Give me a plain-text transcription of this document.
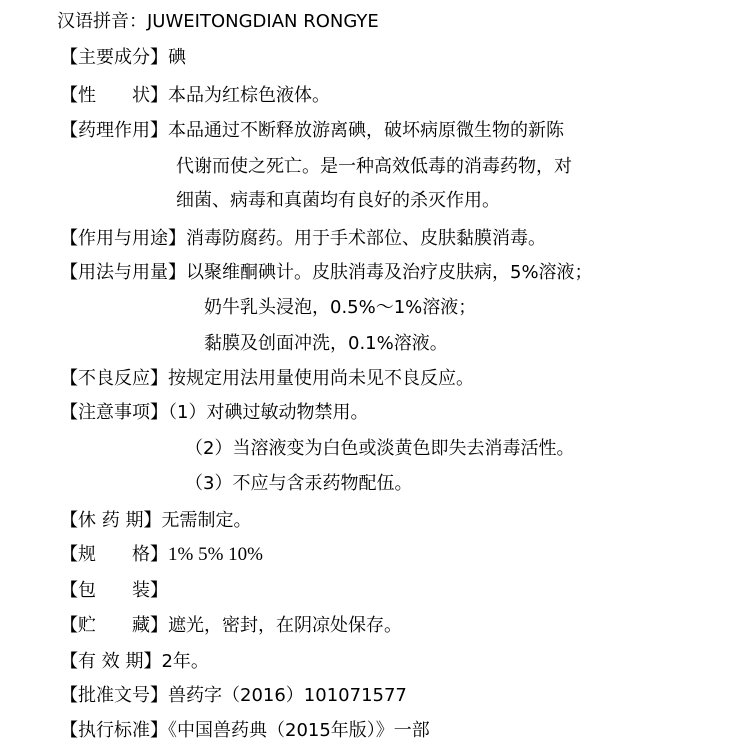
汉语拼音：JUWEITONGDIAN RONGYE
【主要成分】碘
【性　　状】本品为红棕色液体。
【药理作用】本品通过不断释放游离碘，破坏病原微生物的新陈
代谢而使之死亡。是一种高效低毒的消毒药物，对
细菌、病毒和真菌均有良好的杀灭作用。
【作用与用途】消毒防腐药。用于手术部位、皮肤黏膜消毒。
【用法与用量】以聚维酮碘计。皮肤消毒及治疗皮肤病，5%溶液；
奶牛乳头浸泡，0.5%～1%溶液；
黏膜及创面冲洗，0.1%溶液。
【不良反应】按规定用法用量使用尚未见不良反应。
【注意事项】（1）对碘过敏动物禁用。
（2）当溶液变为白色或淡黄色即失去消毒活性。
（3）不应与含汞药物配伍。
【休 药 期】无需制定。
【规　　格】1% 5% 10%
【包　　装】
【贮　　藏】遮光，密封，在阴凉处保存。
【有 效 期】2年。
【批准文号】兽药字（2016）101071577
【执行标准】《中国兽药典（2015年版）》一部
